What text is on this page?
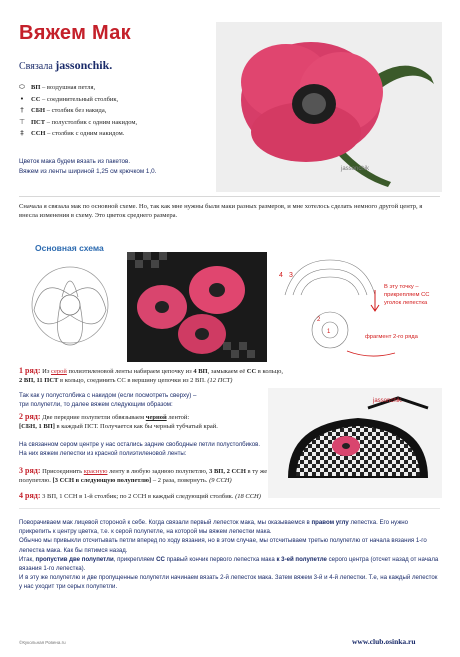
Вяжем Мак
Связала jassonchik.
⬭ ВП – воздушная петля,
•	СС – соединительный столбик,
†	СБН – столбик без накида,
⊤ ПСТ – полустолбик с одним накидом,
‡	ССН – столбик с одним накидом.
Цветок мака будем вязать из пакетов.
Вяжем из ленты шириной 1,25 см крючком 1,0.	jassonchik
Сначала я связала мак по основной схеме. Но, так как мне нужны были маки разных размеров, и мне хотелось сделать немного другой центр, я внесла изменения в схему. Это цветок среднего размера.
Основная схема
4 3
2
1
В эту точку – прикрепляем СС уголок лепестка
фрагмент 2-го ряда
1 ряд: Из серой полиэтиленовой ленты набираем цепочку из 4 ВП, замыкаем её СС в кольцо,
2 ВП, 11 ПСТ в кольцо, соединить СС в вершину цепочки из 2 ВП. (12 ПСТ)
Так как у полустолбика с накидом (если посмотреть сверху) –
три полупетли, то далее вяжем следующим образом:
2 ряд: Две передние полупетли обвязываем черной лентой:
[СБН, 1 ВП] в каждый ПСТ. Получается как бы черный тубчатый край.
На связанном сером центре у нас остались задние свободные петли полустолбиков.
На них вяжем лепестки из красной полиэтиленовой ленты:
3 ряд: Присоединить красную ленту в любую заднюю полупетлю, 3 ВП, 2 ССН в ту же
полупетлю. [3 ССН в следующую полупетлю] – 2 раза, повернуть. (9 ССН)
4 ряд: 3 ВП, 1 ССН в 1-й столбик; по 2 ССН в каждый следующий столбик. (18 ССН)
jassonchik.
Поворачиваем мак лицевой стороной к себе. Когда связали первый лепесток мака, мы оказываемся в правом углу лепестка. Его нужно прикрепить к центру цветка, т.е. к серой полупетле, на которой мы вяжем лепестки мака.
Обычно мы привыкли отсчитывать петли вперед по ходу вязания, но в этом случае, мы отсчитываем третью полупетлю от начала вязания 1-го лепестка мака. Как бы пятимся назад.
Итак, пропустив две полупетли, прикрепляем СС правый кончик первого лепестка мака к 3-ей полупетле серого центра (отсчет назад от начала вязания 1-го лепестка).
И в эту же полупетлю и две пропущенные полупетли начинаем вязать 2-й лепесток мака. Затем вяжем 3-й и 4-й лепестки. Т.е, на каждый лепесток у нас уходит три серых полупетли.
©Кукольная Ровена.ru	www.club.osinka.ru
